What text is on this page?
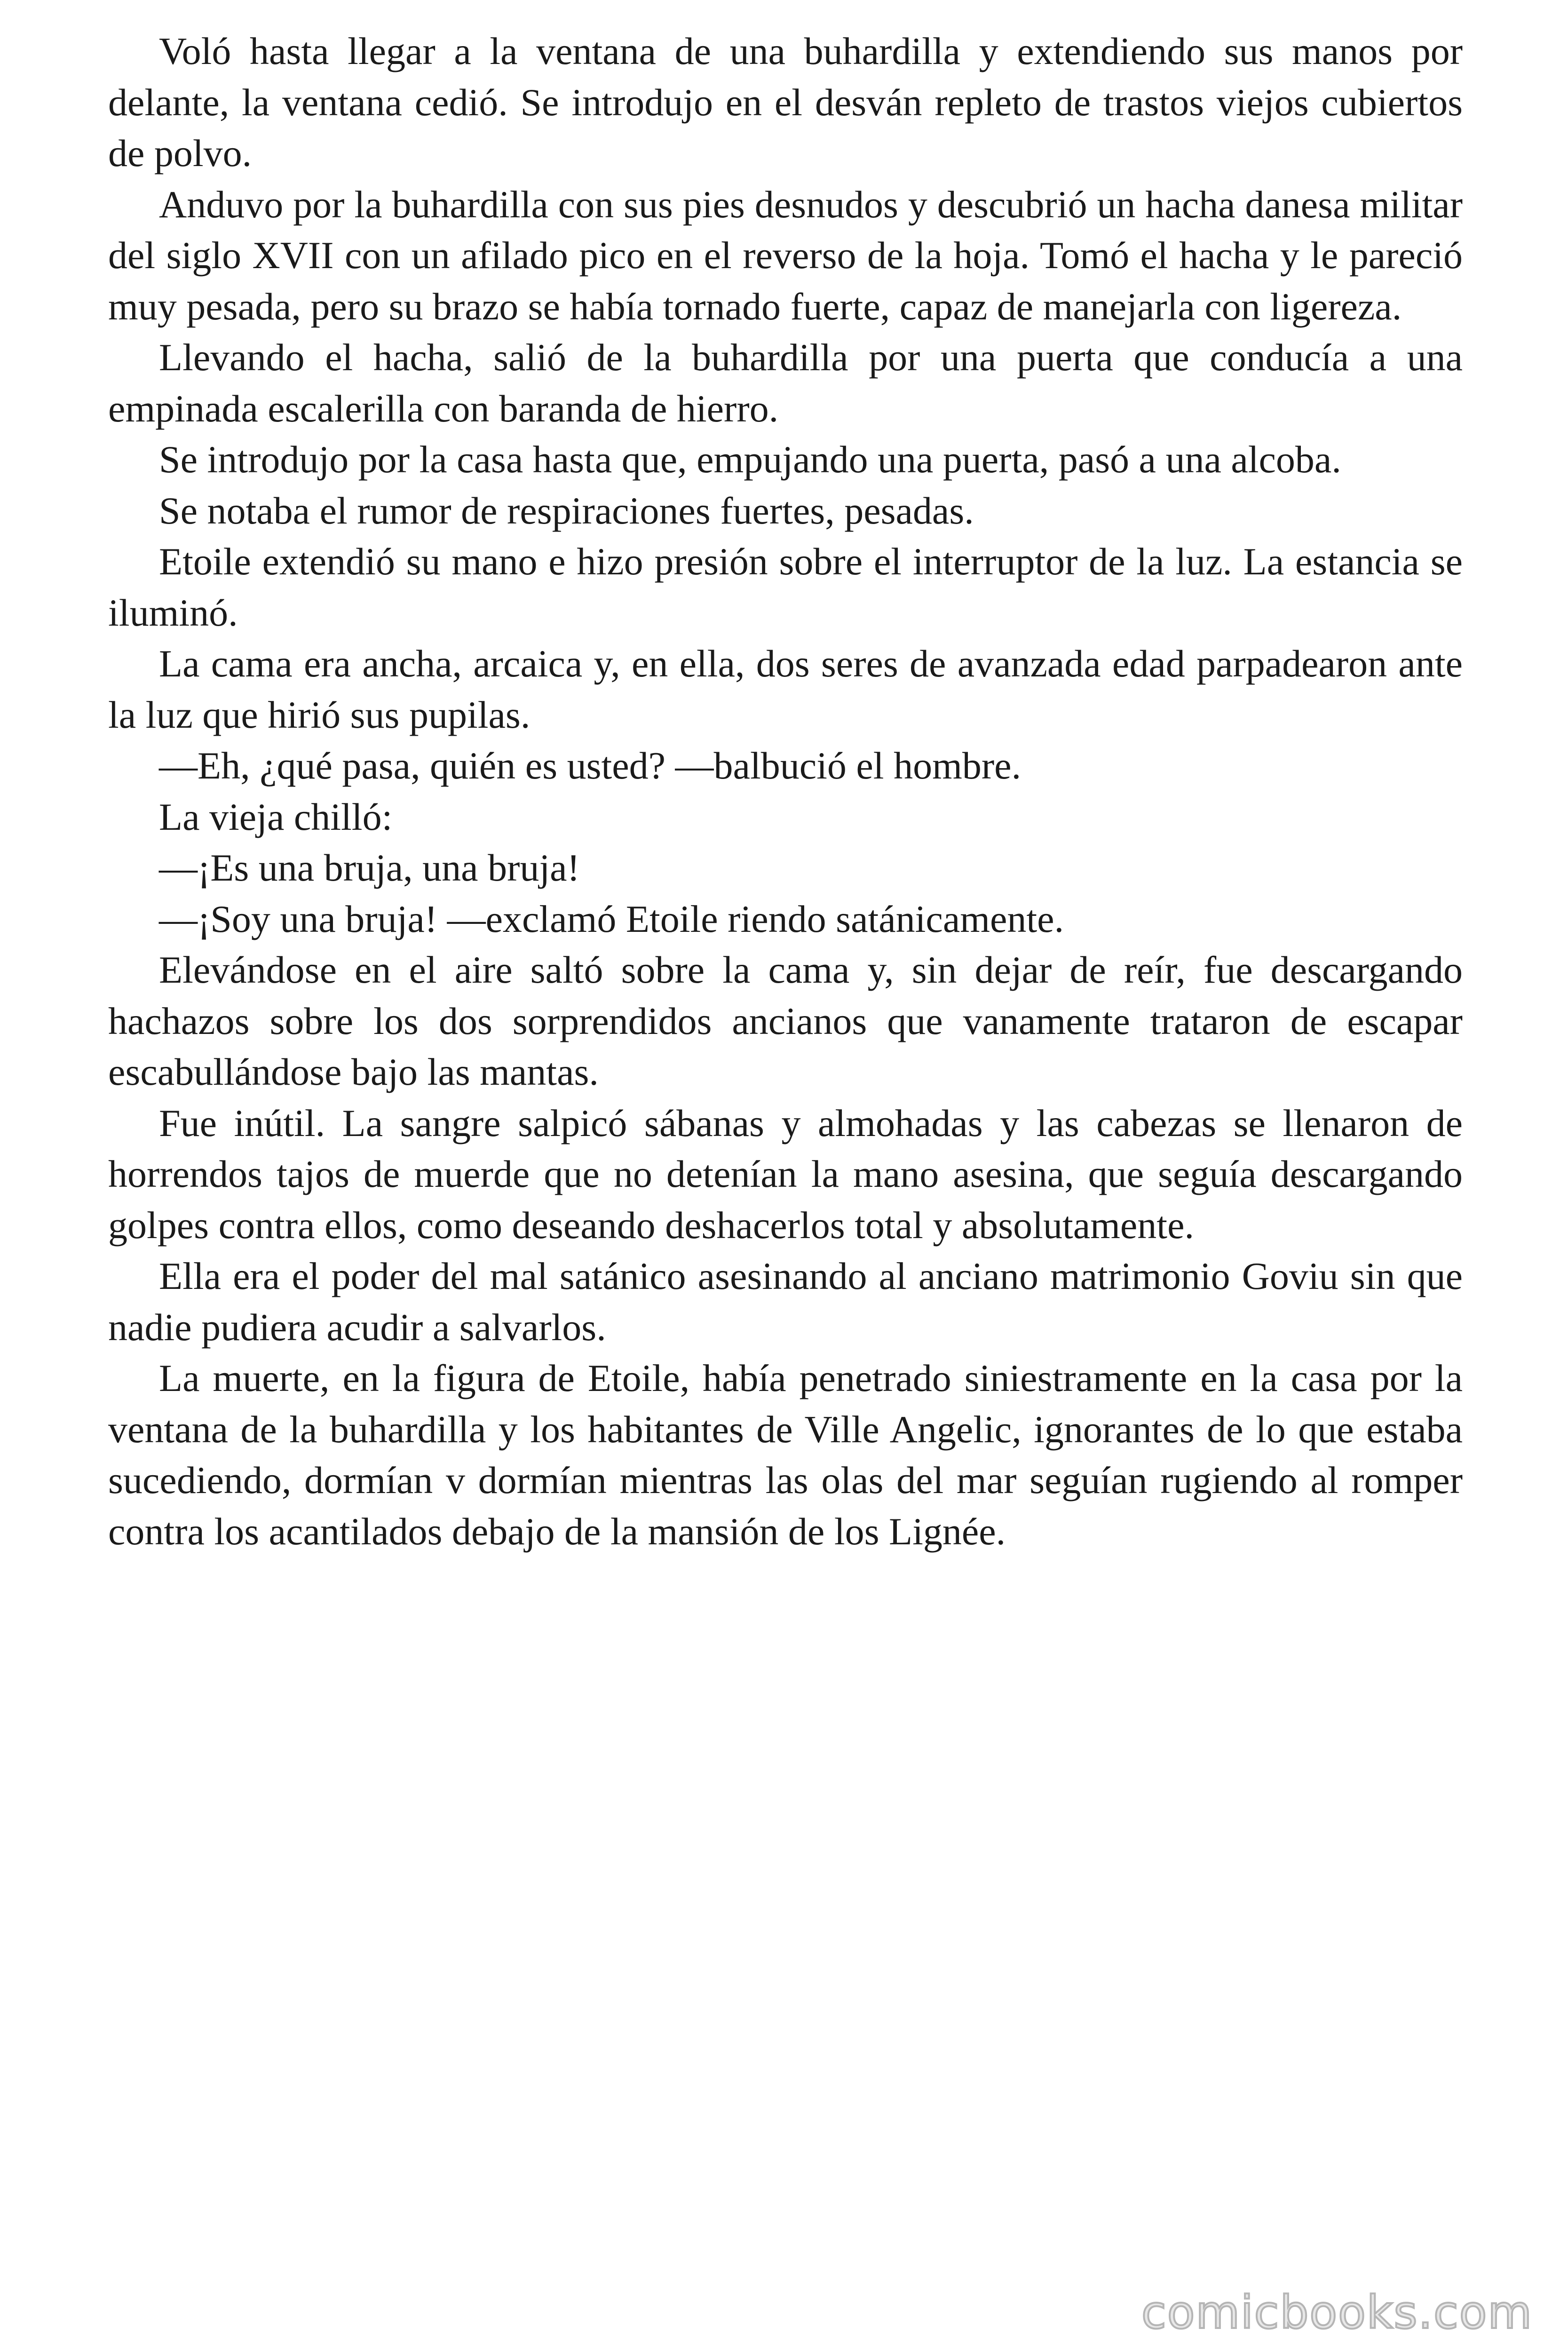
Voló hasta llegar a la ventana de una buhardilla y extendiendo sus manos por delante, la ventana cedió. Se introdujo en el desván repleto de trastos viejos cubiertos de polvo.

Anduvo por la buhardilla con sus pies desnudos y descubrió un hacha danesa militar del siglo XVII con un afilado pico en el reverso de la hoja. Tomó el hacha y le pareció muy pesada, pero su brazo se había tornado fuerte, capaz de manejarla con ligereza.

Llevando el hacha, salió de la buhardilla por una puerta que conducía a una empinada escalerilla con baranda de hierro.

Se introdujo por la casa hasta que, empujando una puerta, pasó a una alcoba.

Se notaba el rumor de respiraciones fuertes, pesadas.

Etoile extendió su mano e hizo presión sobre el interruptor de la luz. La estancia se iluminó.

La cama era ancha, arcaica y, en ella, dos seres de avanzada edad parpadearon ante la luz que hirió sus pupilas.

—Eh, ¿qué pasa, quién es usted? —balbució el hombre.

La vieja chilló:

—¡Es una bruja, una bruja!

—¡Soy una bruja! —exclamó Etoile riendo satánicamente.

Elevándose en el aire saltó sobre la cama y, sin dejar de reír, fue descargando hachazos sobre los dos sorprendidos ancianos que vanamente trataron de escapar escabullándose bajo las mantas.

Fue inútil. La sangre salpicó sábanas y almohadas y las cabezas se llenaron de horrendos tajos de muerde que no detenían la mano asesina, que seguía descargando golpes contra ellos, como deseando deshacerlos total y absolutamente.

Ella era el poder del mal satánico asesinando al anciano matrimonio Goviu sin que nadie pudiera acudir a salvarlos.

La muerte, en la figura de Etoile, había penetrado siniestramente en la casa por la ventana de la buhardilla y los habitantes de Ville Angelic, ignorantes de lo que estaba sucediendo, dormían v dormían mientras las olas del mar seguían rugiendo al romper contra los acantilados debajo de la mansión de los Lignée.

comicbooks.com
